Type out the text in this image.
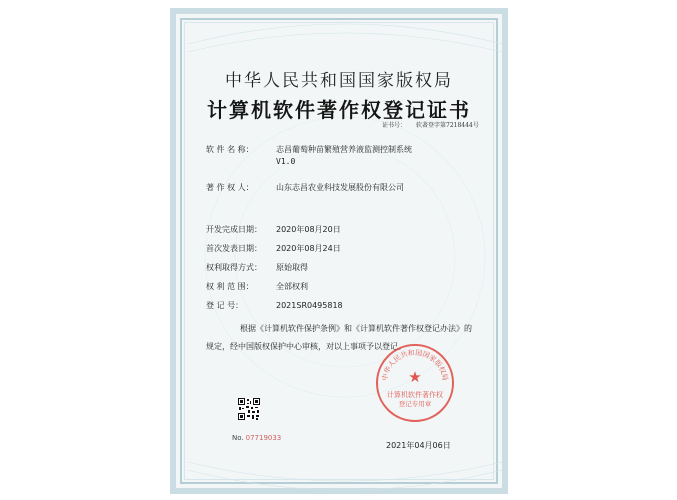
中华人民共和国国家版权局
计算机软件著作权登记证书
证书号： 软著登字第7218444号
软 件 名 称：	志昌葡萄种苗繁殖营养液监测控制系统
V1.0
著 作 权 人：	山东志昌农业科技发展股份有限公司
开发完成日期： 2020年08月20日
首次发表日期： 2020年08月24日
权利取得方式： 原始取得
权 利 范 围：	全部权利
登 记 号：	2021SR0495818
根据《计算机软件保护条例》和《计算机软件著作权登记办法》的
规定，经中国版权保护中心审核，对以上事项予以登记。
No. 07719033
中华人民共和国国家版权局
★
计算机软件著作权
登记专用章
2021年04月06日
